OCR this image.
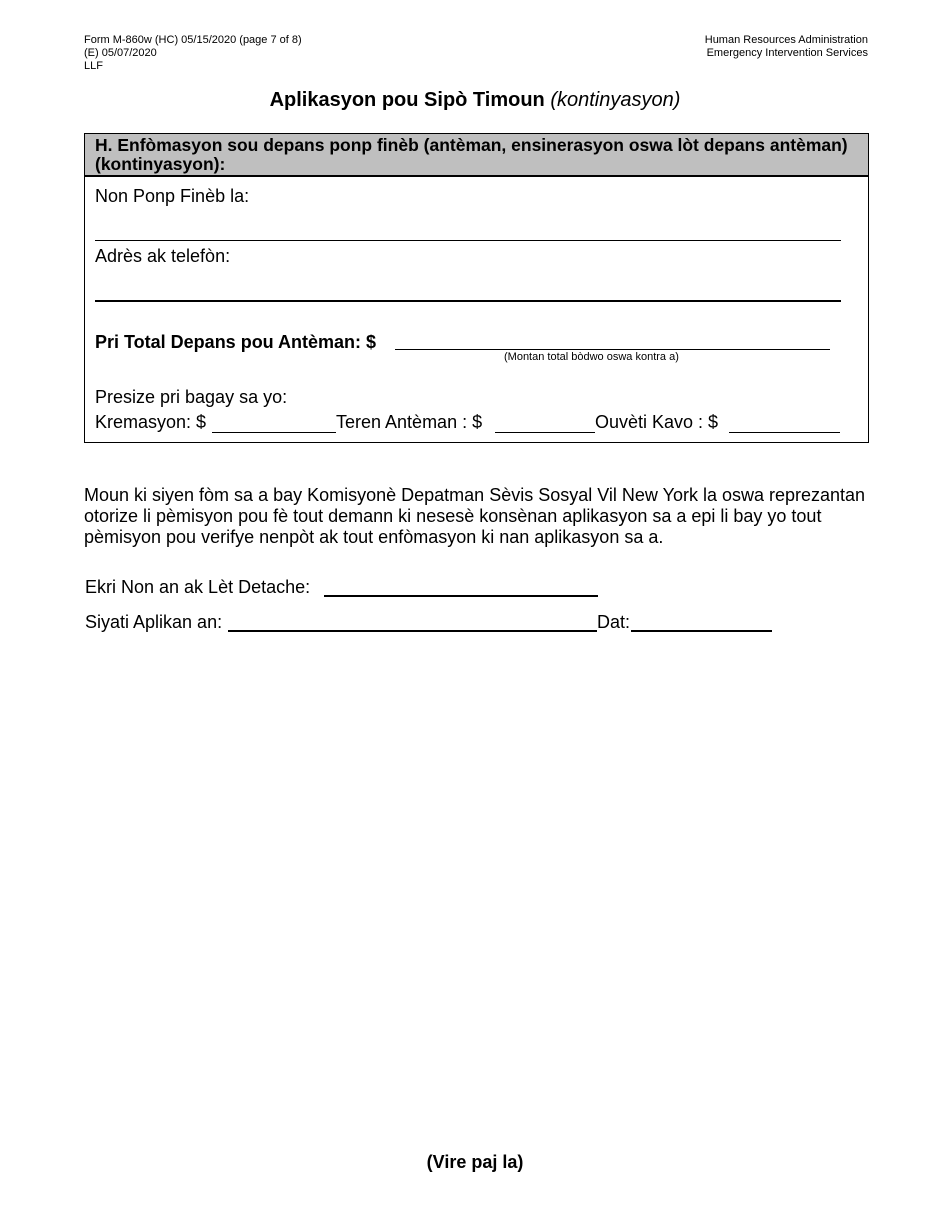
Form M-860w (HC) 05/15/2020 (page 7 of 8)
(E) 05/07/2020
LLF
Human Resources Administration
Emergency Intervention Services
Aplikasyon pou Sipò Timoun (kontinyasyon)
H. Enfòmasyon sou depans ponp finèb (antèman, ensinerasyon oswa lòt depans antèman) (kontinyasyon):
Non Ponp Finèb la:
Adrès ak telefòn:
Pri Total Depans pou Antèman: $
(Montan total bòdwo oswa kontra a)
Presize pri bagay sa yo:
Kremasyon: $	Teren Antèman : $	Ouvèti Kavo : $
Moun ki siyen fòm sa a bay Komisyonè Depatman Sèvis Sosyal Vil New York la oswa reprezantan otorize li pèmisyon pou fè tout demann ki nesesè konsènan aplikasyon sa a epi li bay yo tout pèmisyon pou verifye nenpòt ak tout enfòmasyon ki nan aplikasyon sa a.
Ekri Non an ak Lèt Detache:
Siyati Aplikan an:	Dat:
(Vire paj la)
